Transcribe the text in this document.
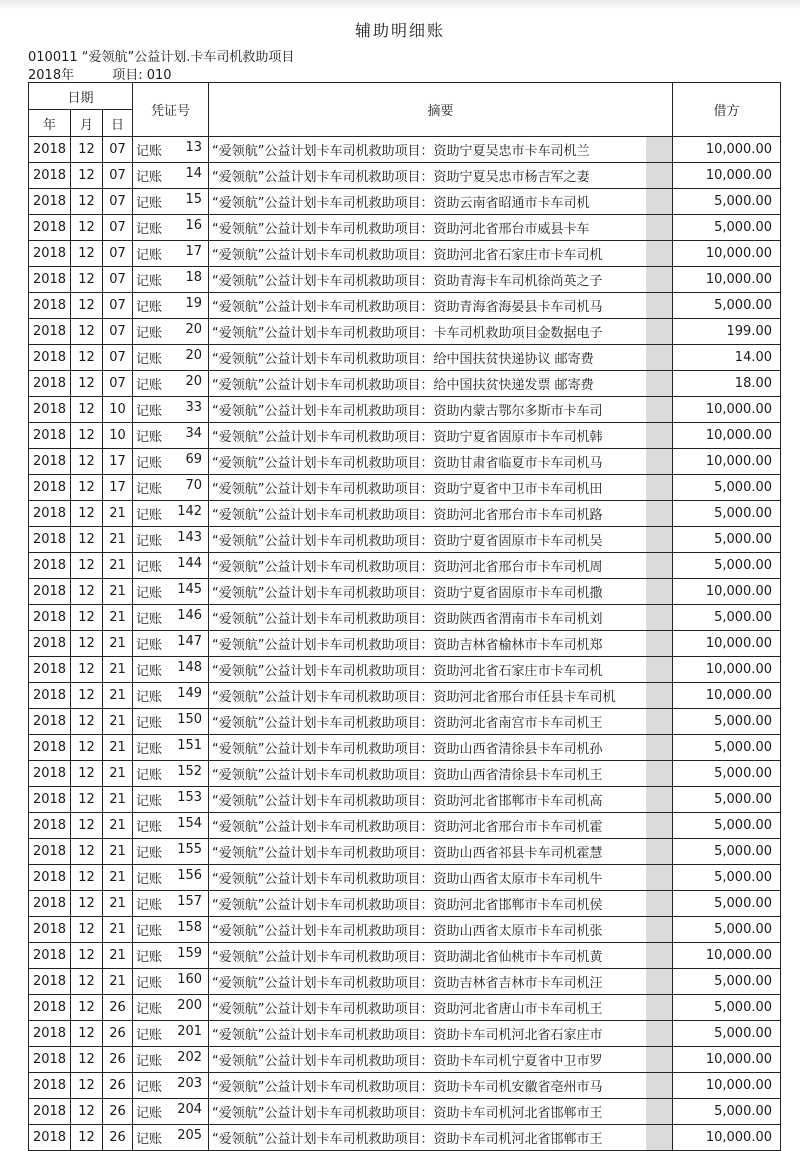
辅助明细账
010011 “爱领航”公益计划.卡车司机救助项目
2018年	项目: 010
日期			凭证号	摘要	借方
年	月	日			
2018	12	07	记账 13	“爱领航”公益计划卡车司机救助项目：资助宁夏吴忠市卡车司机兰	10,000.00
2018	12	07	记账 14	“爱领航”公益计划卡车司机救助项目：资助宁夏吴忠市杨吉军之妻	10,000.00
2018	12	07	记账 15	“爱领航”公益计划卡车司机救助项目：资助云南省昭通市卡车司机	5,000.00
2018	12	07	记账 16	“爱领航”公益计划卡车司机救助项目：资助河北省邢台市威县卡车	5,000.00
2018	12	07	记账 17	“爱领航”公益计划卡车司机救助项目：资助河北省石家庄市卡车司机	10,000.00
2018	12	07	记账 18	“爱领航”公益计划卡车司机救助项目：资助青海卡车司机徐尚英之子	10,000.00
2018	12	07	记账 19	“爱领航”公益计划卡车司机救助项目：资助青海省海晏县卡车司机马	5,000.00
2018	12	07	记账 20	“爱领航”公益计划卡车司机救助项目：卡车司机救助项目金数据电子	199.00
2018	12	07	记账 20	“爱领航”公益计划卡车司机救助项目：给中国扶贫快递协议 邮寄费	14.00
2018	12	07	记账 20	“爱领航”公益计划卡车司机救助项目：给中国扶贫快递发票 邮寄费	18.00
2018	12	10	记账 33	“爱领航”公益计划卡车司机救助项目：资助内蒙古鄂尔多斯市卡车司	10,000.00
2018	12	10	记账 34	“爱领航”公益计划卡车司机救助项目：资助宁夏省固原市卡车司机韩	10,000.00
2018	12	17	记账 69	“爱领航”公益计划卡车司机救助项目：资助甘肃省临夏市卡车司机马	10,000.00
2018	12	17	记账 70	“爱领航”公益计划卡车司机救助项目：资助宁夏省中卫市卡车司机田	5,000.00
2018	12	21	记账 142	“爱领航”公益计划卡车司机救助项目：资助河北省邢台市卡车司机路	5,000.00
2018	12	21	记账 143	“爱领航”公益计划卡车司机救助项目：资助宁夏省固原市卡车司机吴	5,000.00
2018	12	21	记账 144	“爱领航”公益计划卡车司机救助项目：资助河北省邢台市卡车司机周	5,000.00
2018	12	21	记账 145	“爱领航”公益计划卡车司机救助项目：资助宁夏省固原市卡车司机撒	10,000.00
2018	12	21	记账 146	“爱领航”公益计划卡车司机救助项目：资助陕西省渭南市卡车司机刘	5,000.00
2018	12	21	记账 147	“爱领航”公益计划卡车司机救助项目：资助吉林省榆林市卡车司机郑	10,000.00
2018	12	21	记账 148	“爱领航”公益计划卡车司机救助项目：资助河北省石家庄市卡车司机	10,000.00
2018	12	21	记账 149	“爱领航”公益计划卡车司机救助项目：资助河北省邢台市任县卡车司机	10,000.00
2018	12	21	记账 150	“爱领航”公益计划卡车司机救助项目：资助河北省南宫市卡车司机王	5,000.00
2018	12	21	记账 151	“爱领航”公益计划卡车司机救助项目：资助山西省清徐县卡车司机孙	5,000.00
2018	12	21	记账 152	“爱领航”公益计划卡车司机救助项目：资助山西省清徐县卡车司机王	5,000.00
2018	12	21	记账 153	“爱领航”公益计划卡车司机救助项目：资助河北省邯郸市卡车司机高	5,000.00
2018	12	21	记账 154	“爱领航”公益计划卡车司机救助项目：资助河北省邢台市卡车司机霍	5,000.00
2018	12	21	记账 155	“爱领航”公益计划卡车司机救助项目：资助山西省祁县卡车司机霍慧	5,000.00
2018	12	21	记账 156	“爱领航”公益计划卡车司机救助项目：资助山西省太原市卡车司机牛	5,000.00
2018	12	21	记账 157	“爱领航”公益计划卡车司机救助项目：资助河北省邯郸市卡车司机侯	5,000.00
2018	12	21	记账 158	“爱领航”公益计划卡车司机救助项目：资助山西省太原市卡车司机张	5,000.00
2018	12	21	记账 159	“爱领航”公益计划卡车司机救助项目：资助湖北省仙桃市卡车司机黄	10,000.00
2018	12	21	记账 160	“爱领航”公益计划卡车司机救助项目：资助吉林省吉林市卡车司机汪	5,000.00
2018	12	26	记账 200	“爱领航”公益计划卡车司机救助项目：资助河北省唐山市卡车司机王	5,000.00
2018	12	26	记账 201	“爱领航”公益计划卡车司机救助项目：资助卡车司机河北省石家庄市	5,000.00
2018	12	26	记账 202	“爱领航”公益计划卡车司机救助项目：资助卡车司机宁夏省中卫市罗	10,000.00
2018	12	26	记账 203	“爱领航”公益计划卡车司机救助项目：资助卡车司机安徽省亳州市马	10,000.00
2018	12	26	记账 204	“爱领航”公益计划卡车司机救助项目：资助卡车司机河北省邯郸市王	5,000.00
2018	12	26	记账 205	“爱领航”公益计划卡车司机救助项目：资助卡车司机河北省邯郸市王	10,000.00
